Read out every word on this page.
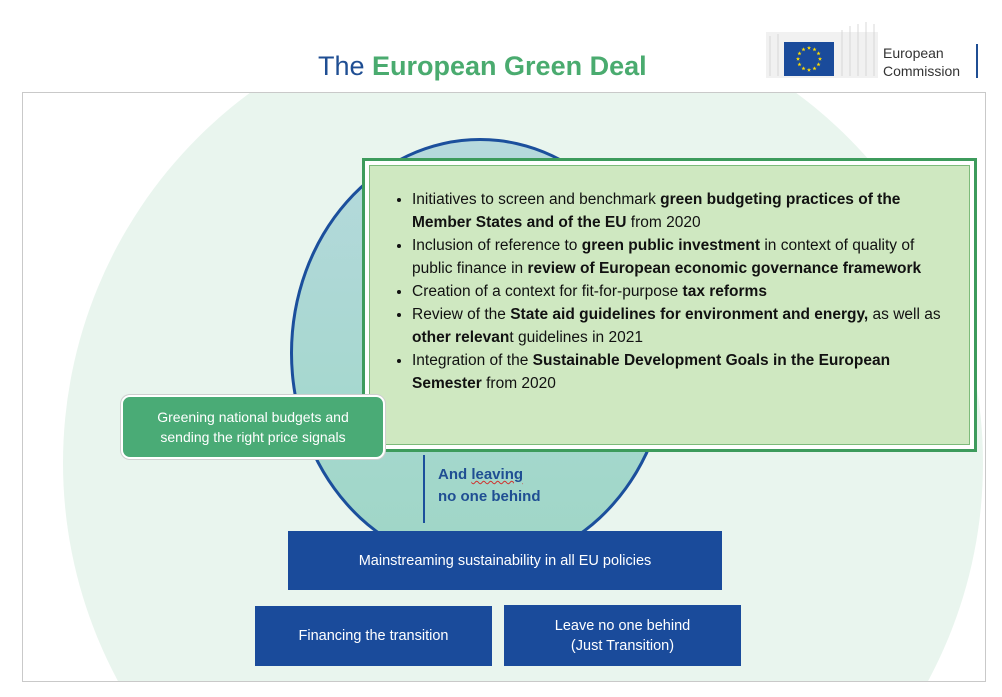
The European Green Deal	European
Commission
• Initiatives to screen and benchmark green budgeting practices of the Member States and of the EU from 2020
• Inclusion of reference to green public investment in context of quality of public finance in review of European economic governance framework
• Creation of a context for fit-for-purpose tax reforms
• Review of the State aid guidelines for environment and energy, as well as other relevant guidelines in 2021
• Integration of the Sustainable Development Goals in the European Semester from 2020
Greening national budgets and sending the right price signals
And leaving
no one behind
Mainstreaming sustainability in all EU policies
Financing the transition
Leave no one behind
(Just Transition)
